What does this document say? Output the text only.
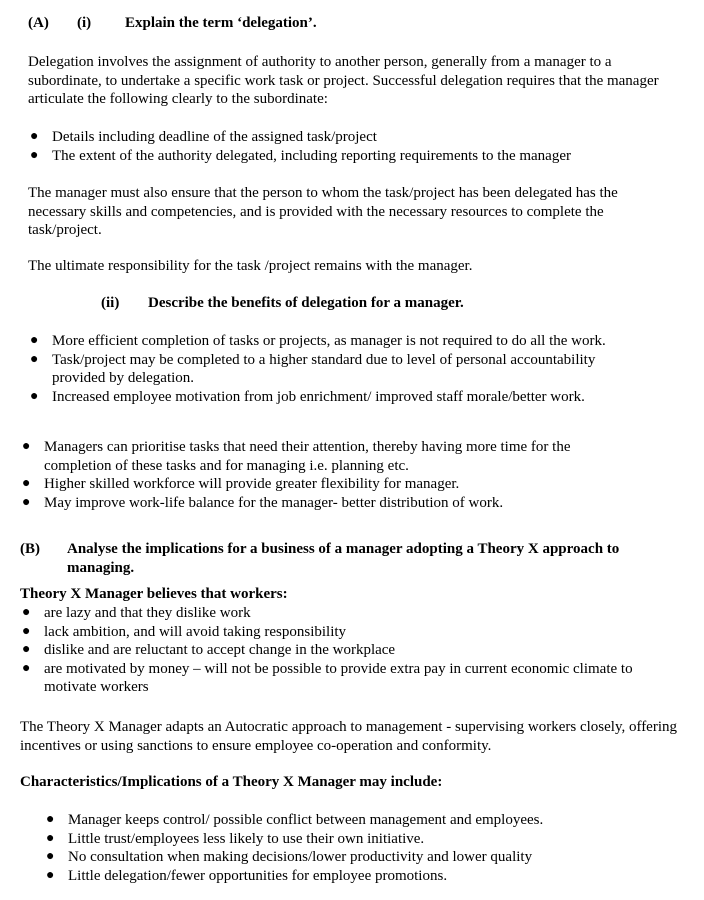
(A) (i) Explain the term ‘delegation’.

Delegation involves the assignment of authority to another person, generally from a manager to a subordinate, to undertake a specific work task or project. Successful delegation requires that the manager articulate the following clearly to the subordinate:

● Details including deadline of the assigned task/project
● The extent of the authority delegated, including reporting requirements to the manager

The manager must also ensure that the person to whom the task/project has been delegated has the necessary skills and competencies, and is provided with the necessary resources to complete the task/project.

The ultimate responsibility for the task /project remains with the manager.

(ii) Describe the benefits of delegation for a manager.
● More efficient completion of tasks or projects, as manager is not required to do all the work.
● Task/project may be completed to a higher standard due to level of personal accountability provided by delegation.
● Increased employee motivation from job enrichment/ improved staff morale/better work.
● Managers can prioritise tasks that need their attention, thereby having more time for the completion of these tasks and for managing i.e. planning etc.
● Higher skilled workforce will provide greater flexibility for manager.
● May improve work-life balance for the manager- better distribution of work.
(B) Analyse the implications for a business of a manager adopting a Theory X approach to managing.
Theory X Manager believes that workers:
● are lazy and that they dislike work
● lack ambition, and will avoid taking responsibility
● dislike and are reluctant to accept change in the workplace
● are motivated by money – will not be possible to provide extra pay in current economic climate to motivate workers

The Theory X Manager adapts an Autocratic approach to management - supervising workers closely, offering incentives or using sanctions to ensure employee co-operation and conformity.

Characteristics/Implications of a Theory X Manager may include:
● Manager keeps control/ possible conflict between management and employees.
● Little trust/employees less likely to use their own initiative.
● No consultation when making decisions/lower productivity and lower quality
● Little delegation/fewer opportunities for employee promotions.
